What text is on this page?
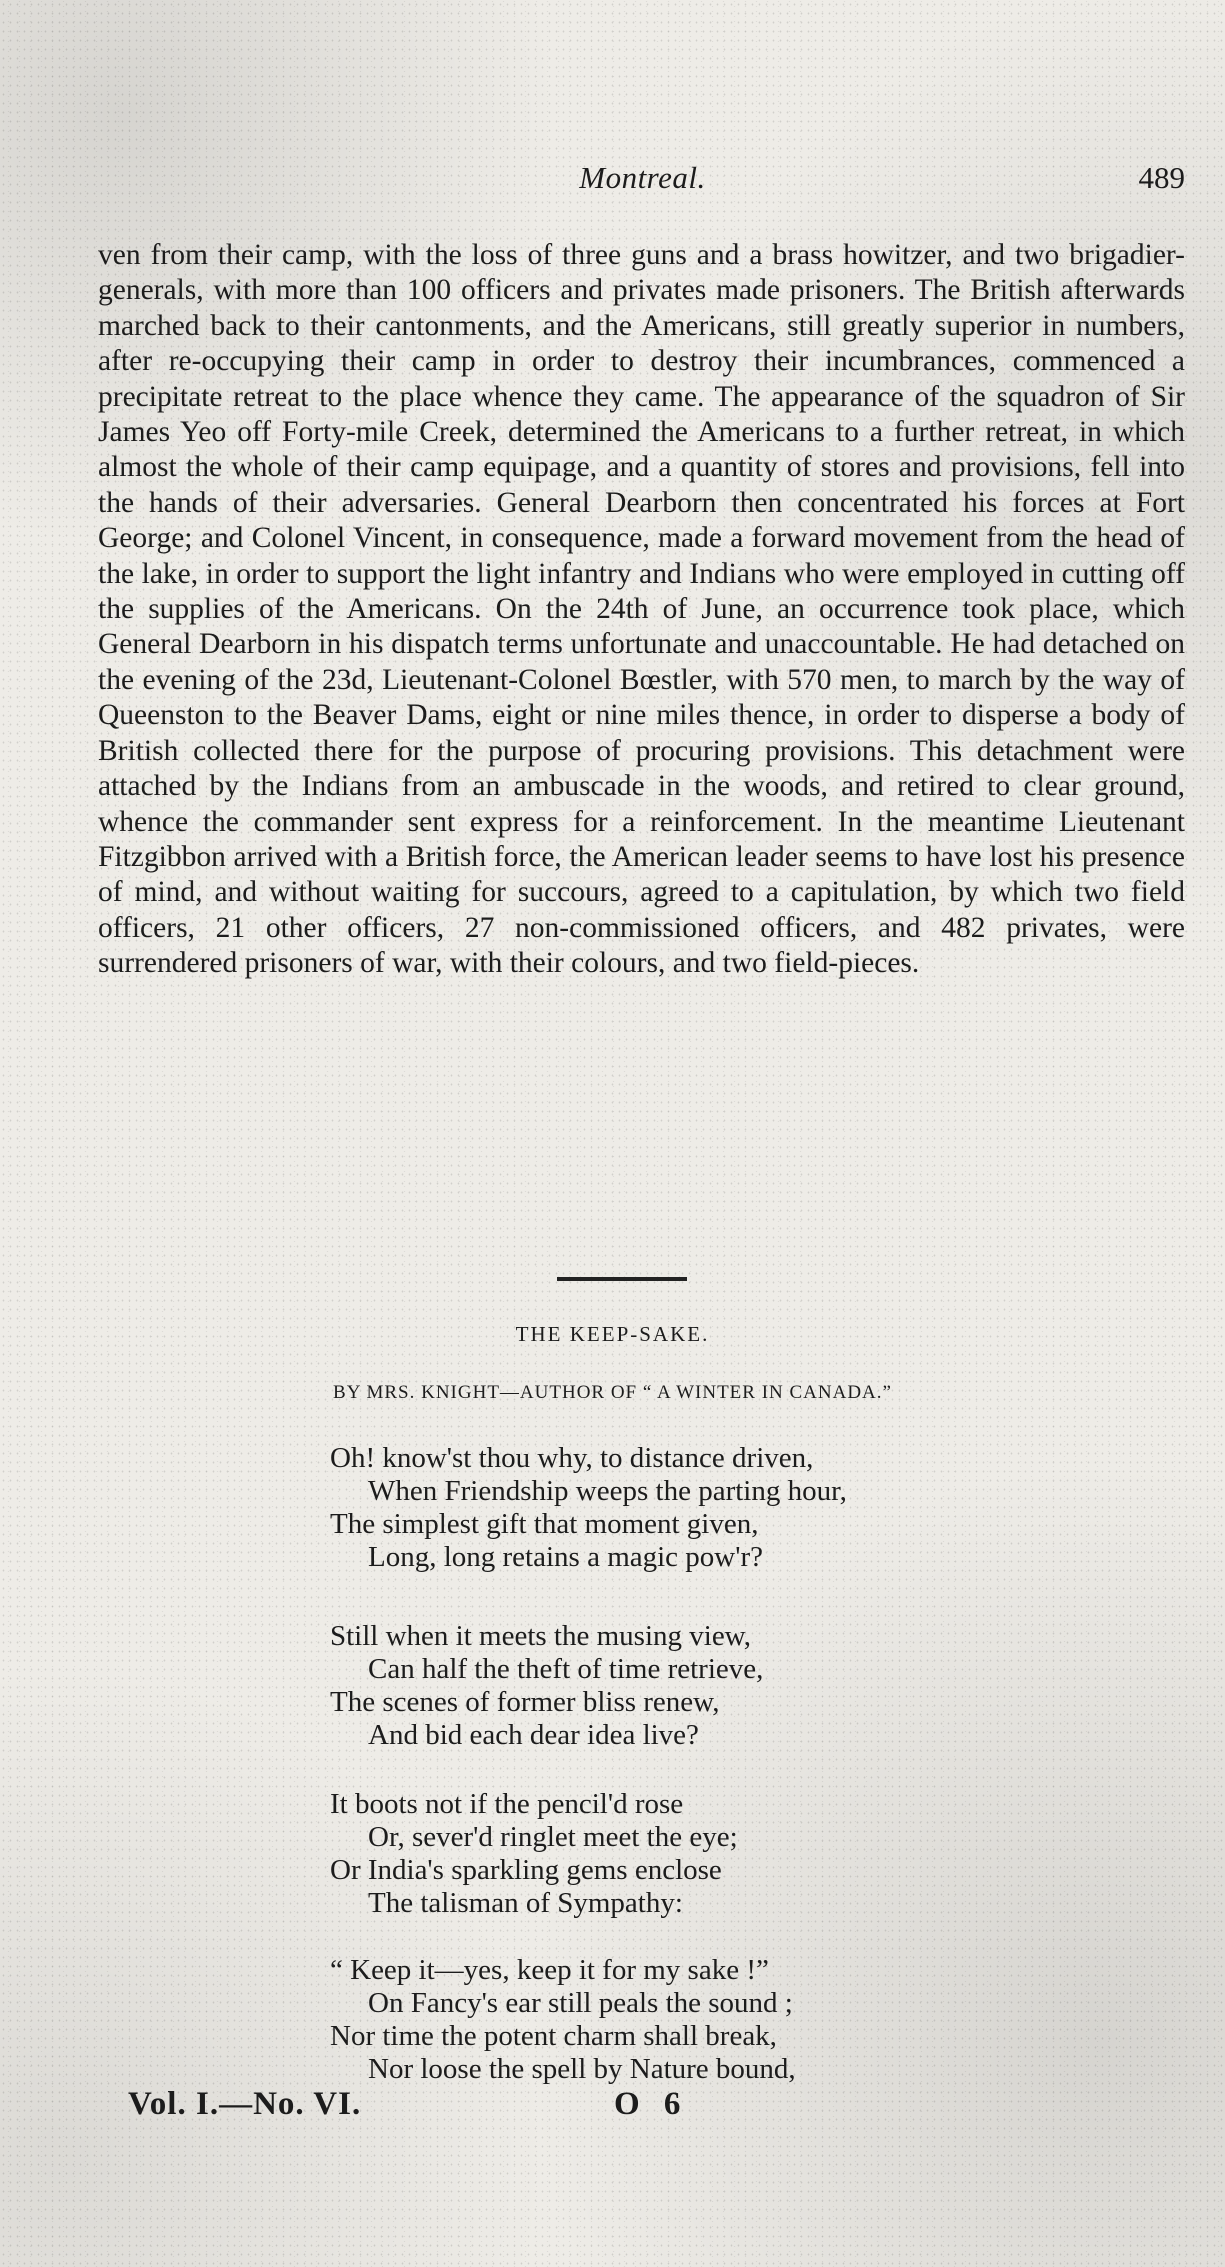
Montreal.	489

ven from their camp, with the loss of three guns and a brass howitzer, and two brigadier-generals, with more than 100 officers and privates made prisoners. The British afterwards marched back to their cantonments, and the Americans, still greatly superior in numbers, after re-occupying their camp in order to destroy their incumbrances, commenced a precipitate retreat to the place whence they came. The appearance of the squadron of Sir James Yeo off Forty-mile Creek, determined the Americans to a further retreat, in which almost the whole of their camp equipage, and a quantity of stores and provisions, fell into the hands of their adversaries. General Dearborn then concentrated his forces at Fort George; and Colonel Vincent, in consequence, made a forward movement from the head of the lake, in order to support the light infantry and Indians who were employed in cutting off the supplies of the Americans. On the 24th of June, an occurrence took place, which General Dearborn in his dispatch terms unfortunate and unaccountable. He had detached on the evening of the 23d, Lieutenant-Colonel Bœstler, with 570 men, to march by the way of Queenston to the Beaver Dams, eight or nine miles thence, in order to disperse a body of British collected there for the purpose of procuring provisions. This detachment were attached by the Indians from an ambuscade in the woods, and retired to clear ground, whence the commander sent express for a reinforcement. In the meantime Lieutenant Fitzgibbon arrived with a British force, the American leader seems to have lost his presence of mind, and without waiting for succours, agreed to a capitulation, by which two field officers, 21 other officers, 27 non-commissioned officers, and 482 privates, were surrendered prisoners of war, with their colours, and two field-pieces.

THE KEEP-SAKE.
BY MRS. KNIGHT—AUTHOR OF “ A WINTER IN CANADA.”
Oh! know'st thou why, to distance driven,
When Friendship weeps the parting hour,
The simplest gift that moment given,
Long, long retains a magic pow'r?
Still when it meets the musing view,
Can half the theft of time retrieve,
The scenes of former bliss renew,
And bid each dear idea live?
It boots not if the pencil'd rose
Or, sever'd ringlet meet the eye;
Or India's sparkling gems enclose
The talisman of Sympathy:
“ Keep it—yes, keep it for my sake !”
On Fancy's ear still peals the sound ;
Nor time the potent charm shall break,
Nor loose the spell by Nature bound,
Vol. I.—No. VI.	O 6
